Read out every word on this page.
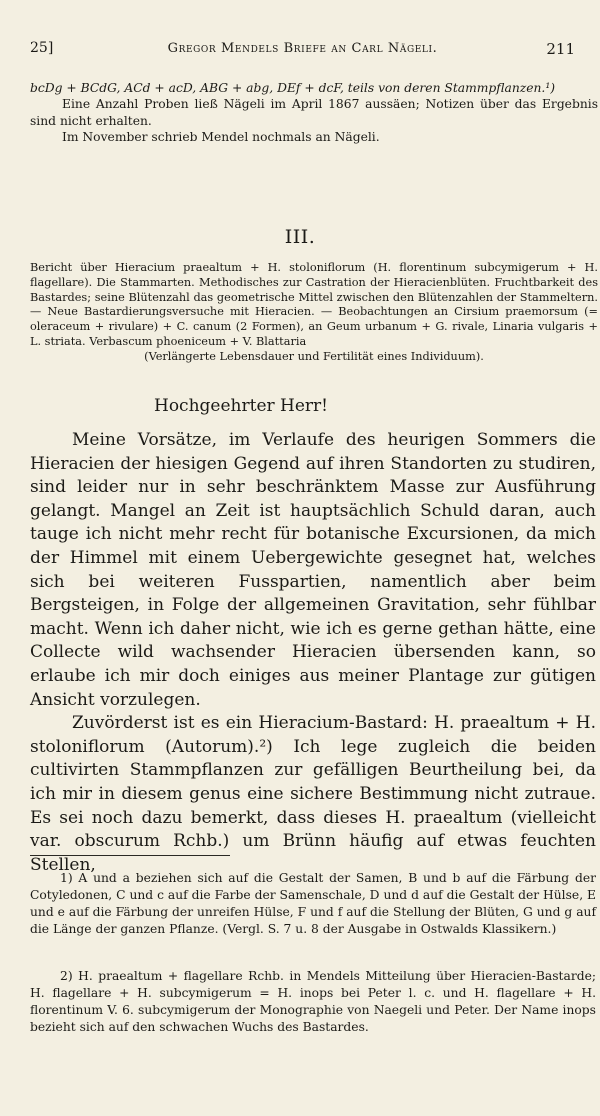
25]	Gregor Mendels Briefe an Carl Nägeli.	211

bcDg + BCdG, ACd + acD, ABG + abg, DEf + dcF, teils von deren Stammpflanzen.¹)

Eine Anzahl Proben ließ Nägeli im April 1867 aussäen; Notizen über das Ergebnis sind nicht erhalten.

Im November schrieb Mendel nochmals an Nägeli.

III.
Bericht über Hieracium praealtum + H. stoloniflorum (H. florentinum subcymigerum + H. flagellare). Die Stammarten. Methodisches zur Castration der Hieracienblüten. Fruchtbarkeit des Bastardes; seine Blütenzahl das geometrische Mittel zwischen den Blütenzahlen der Stammeltern. — Neue Bastardierungsversuche mit Hieracien. — Beobachtungen an Cirsium praemorsum (= oleraceum + rivulare) + C. canum (2 Formen), an Geum urbanum + G. rivale, Linaria vulgaris + L. striata. Verbascum phoeniceum + V. Blattaria
(Verlängerte Lebensdauer und Fertilität eines Individuum).
Hochgeehrter Herr!

Meine Vorsätze, im Verlaufe des heurigen Sommers die Hieracien der hiesigen Gegend auf ihren Standorten zu studiren, sind leider nur in sehr beschränktem Masse zur Ausführung gelangt. Mangel an Zeit ist hauptsächlich Schuld daran, auch tauge ich nicht mehr recht für botanische Excursionen, da mich der Himmel mit einem Uebergewichte gesegnet hat, welches sich bei weiteren Fusspartien, namentlich aber beim Bergsteigen, in Folge der allgemeinen Gravitation, sehr fühlbar macht. Wenn ich daher nicht, wie ich es gerne gethan hätte, eine Collecte wild wachsender Hieracien übersenden kann, so erlaube ich mir doch einiges aus meiner Plantage zur gütigen Ansicht vorzulegen.

Zuvörderst ist es ein Hieracium-Bastard: H. praealtum + H. stoloniflorum (Autorum).²) Ich lege zugleich die beiden cultivirten Stammpflanzen zur gefälligen Beurtheilung bei, da ich mir in diesem genus eine sichere Bestimmung nicht zutraue. Es sei noch dazu bemerkt, dass dieses H. praealtum (vielleicht var. obscurum Rchb.) um Brünn häufig auf etwas feuchten Stellen,

1) A und a beziehen sich auf die Gestalt der Samen, B und b auf die Färbung der Cotyledonen, C und c auf die Farbe der Samenschale, D und d auf die Gestalt der Hülse, E und e auf die Färbung der unreifen Hülse, F und f auf die Stellung der Blüten, G und g auf die Länge der ganzen Pflanze. (Vergl. S. 7 u. 8 der Ausgabe in Ostwalds Klassikern.)
2) H. praealtum + flagellare Rchb. in Mendels Mitteilung über Hieracien-Bastarde; H. flagellare + H. subcymigerum = H. inops bei Peter l. c. und H. flagellare + H. florentinum V. 6. subcymigerum der Monographie von Naegeli und Peter. Der Name inops bezieht sich auf den schwachen Wuchs des Bastardes.
